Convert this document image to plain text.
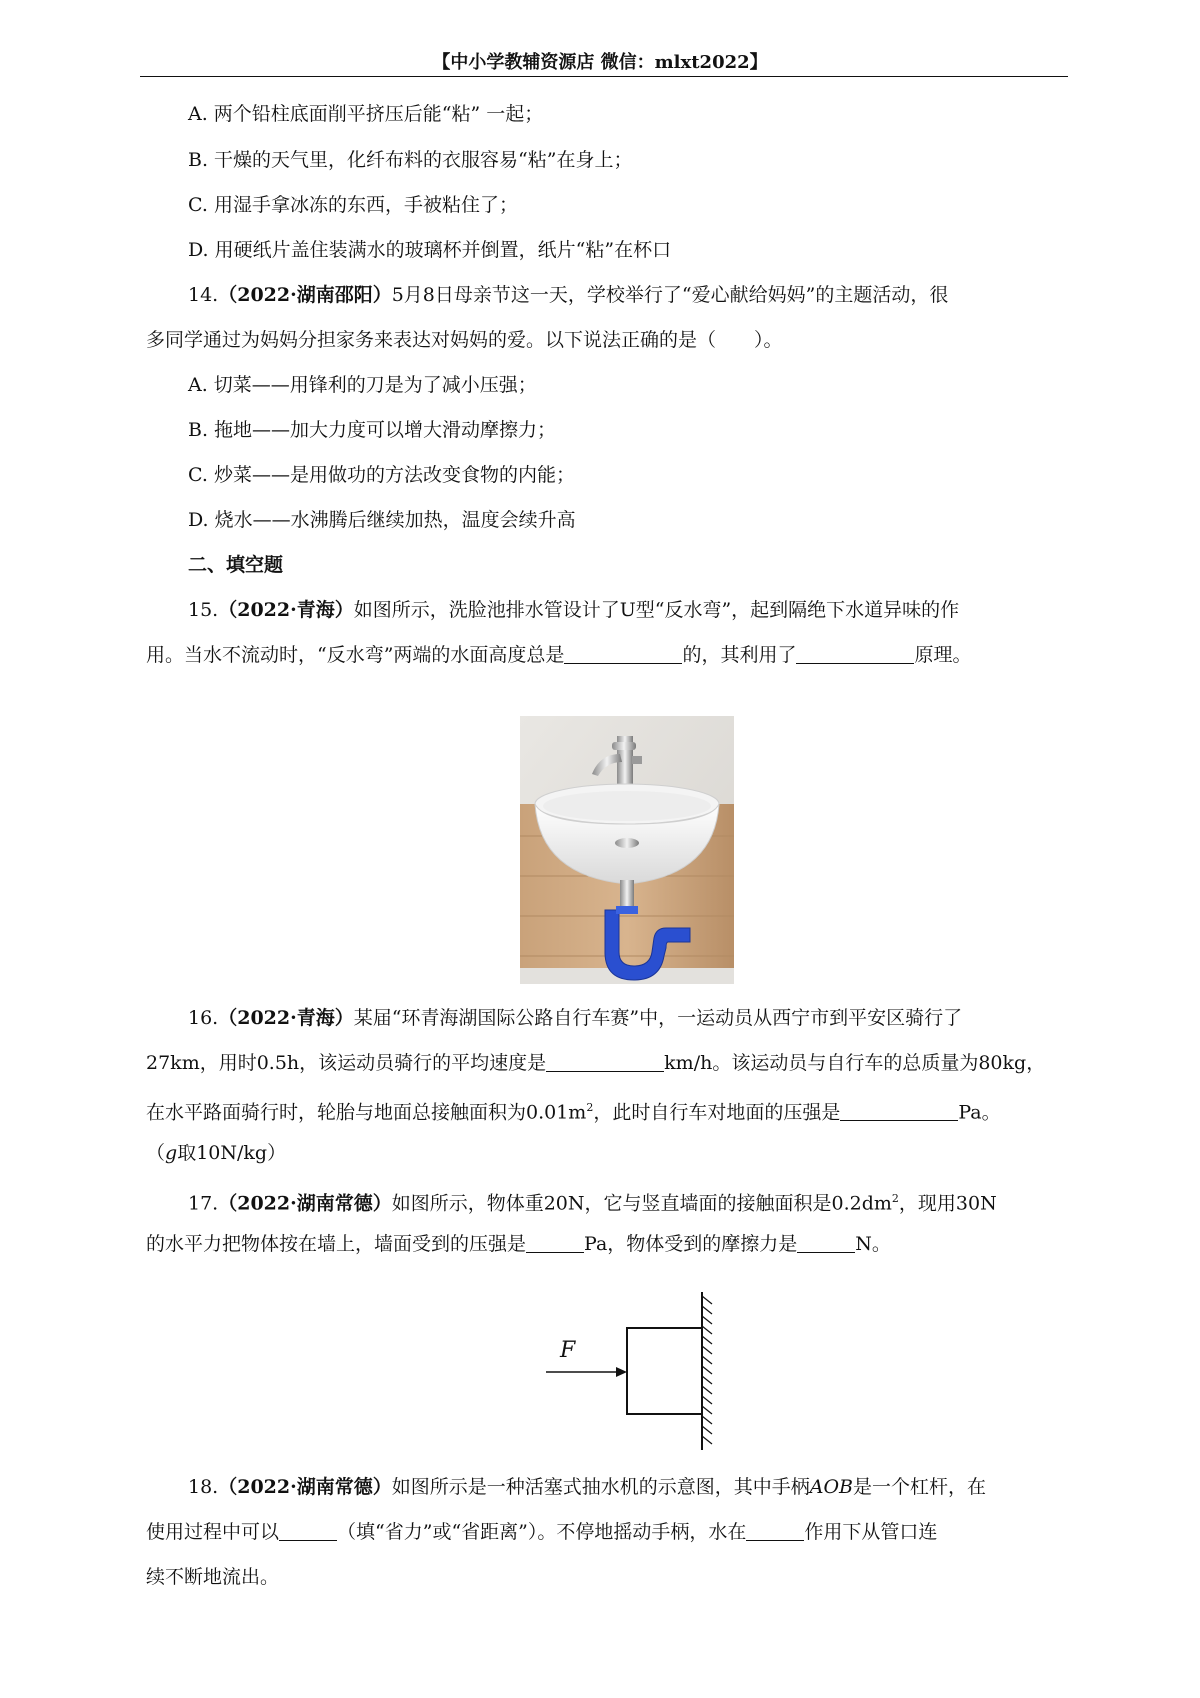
【中小学教辅资源店 微信：mlxt2022】
A. 两个铅柱底面削平挤压后能“粘” 一起；
B. 干燥的天气里，化纤布料的衣服容易“粘”在身上；
C. 用湿手拿冰冻的东西，手被粘住了；
D. 用硬纸片盖住装满水的玻璃杯并倒置，纸片“粘”在杯口
14.（2022·湖南邵阳）5月8日母亲节这一天，学校举行了“爱心献给妈妈”的主题活动，很
多同学通过为妈妈分担家务来表达对妈妈的爱。以下说法正确的是（　　）。
A. 切菜——用锋利的刀是为了减小压强；
B. 拖地——加大力度可以增大滑动摩擦力；
C. 炒菜——是用做功的方法改变食物的内能；
D. 烧水——水沸腾后继续加热，温度会续升高
二、填空题
15.（2022·青海）如图所示，洗脸池排水管设计了U型“反水弯”，起到隔绝下水道异味的作
用。当水不流动时，“反水弯”两端的水面高度总是	的，其利用了	原理。
16.（2022·青海）某届“环青海湖国际公路自行车赛”中，一运动员从西宁市到平安区骑行了
27km，用时0.5h，该运动员骑行的平均速度是	km/h。该运动员与自行车的总质量为80kg，
在水平路面骑行时，轮胎与地面总接触面积为$0.01m^2$，此时自行车对地面的压强是	Pa。
（g取10N/kg）
17.（2022·湖南常德）如图所示，物体重20N，它与竖直墙面的接触面积是$0.2dm^2$，现用30N
的水平力把物体按在墙上，墙面受到的压强是	Pa，物体受到的摩擦力是	N。
F
18.（2022·湖南常德）如图所示是一种活塞式抽水机的示意图，其中手柄AOB是一个杠杆，在
使用过程中可以	（填“省力”或“省距离”）。不停地摇动手柄，水在	作用下从管口连
续不断地流出。
